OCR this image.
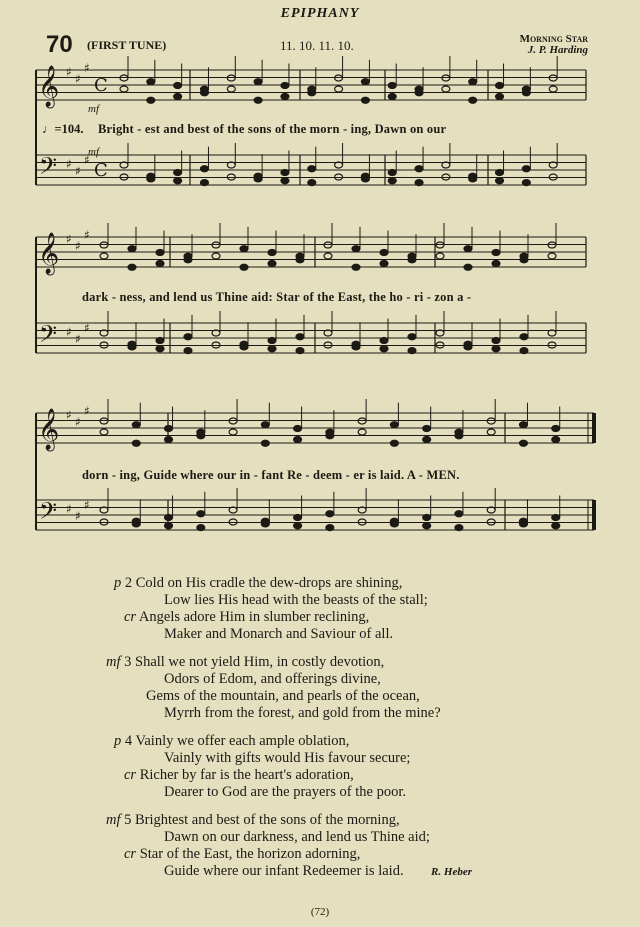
EPIPHANY
70 (FIRST TUNE)	11. 10. 11. 10.	Morning Star
J. P. Harding
𝄞
𝄢
♯
♯
♯
♯
♯
♯
C
C
𝄞
𝄢
♯
♯
♯
♯
♯
♯
𝄞
𝄢
♯
♯
♯
♯
♯
♯
mf
mf
♩=104. Bright - est and best of the sons of the morn - ing, Dawn on our
dark - ness, and lend us Thine aid: Star of the East, the ho - ri - zon a -
dorn - ing, Guide where our in - fant Re - deem - er is laid. A - MEN.
p 2 Cold on His cradle the dew-drops are shining,
Low lies His head with the beasts of the stall;
cr Angels adore Him in slumber reclining,
Maker and Monarch and Saviour of all.
mf 3 Shall we not yield Him, in costly devotion,
Odors of Edom, and offerings divine,
Gems of the mountain, and pearls of the ocean,
Myrrh from the forest, and gold from the mine?
p 4 Vainly we offer each ample oblation,
Vainly with gifts would His favour secure;
cr Richer by far is the heart's adoration,
Dearer to God are the prayers of the poor.
mf 5 Brightest and best of the sons of the morning,
Dawn on our darkness, and lend us Thine aid;
cr Star of the East, the horizon adorning,
Guide where our infant Redeemer is laid. R. Heber
(72)
